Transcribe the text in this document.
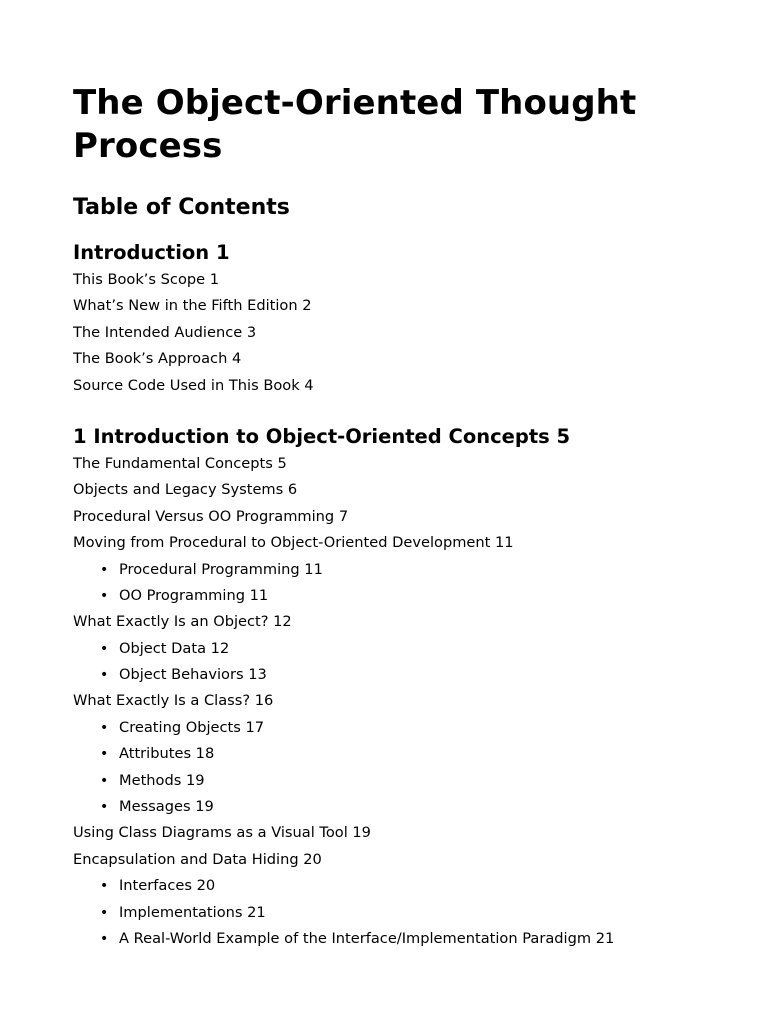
The Object-Oriented Thought Process
Table of Contents
Introduction 1
This Book’s Scope 1
What’s New in the Fifth Edition 2
The Intended Audience 3
The Book’s Approach 4
Source Code Used in This Book 4
1 Introduction to Object-Oriented Concepts 5
The Fundamental Concepts 5
Objects and Legacy Systems 6
Procedural Versus OO Programming 7
Moving from Procedural to Object-Oriented Development 11
• Procedural Programming 11
• OO Programming 11
What Exactly Is an Object? 12
• Object Data 12
• Object Behaviors 13
What Exactly Is a Class? 16
• Creating Objects 17
• Attributes 18
• Methods 19
• Messages 19
Using Class Diagrams as a Visual Tool 19
Encapsulation and Data Hiding 20
• Interfaces 20
• Implementations 21
• A Real-World Example of the Interface/Implementation Paradigm 21
